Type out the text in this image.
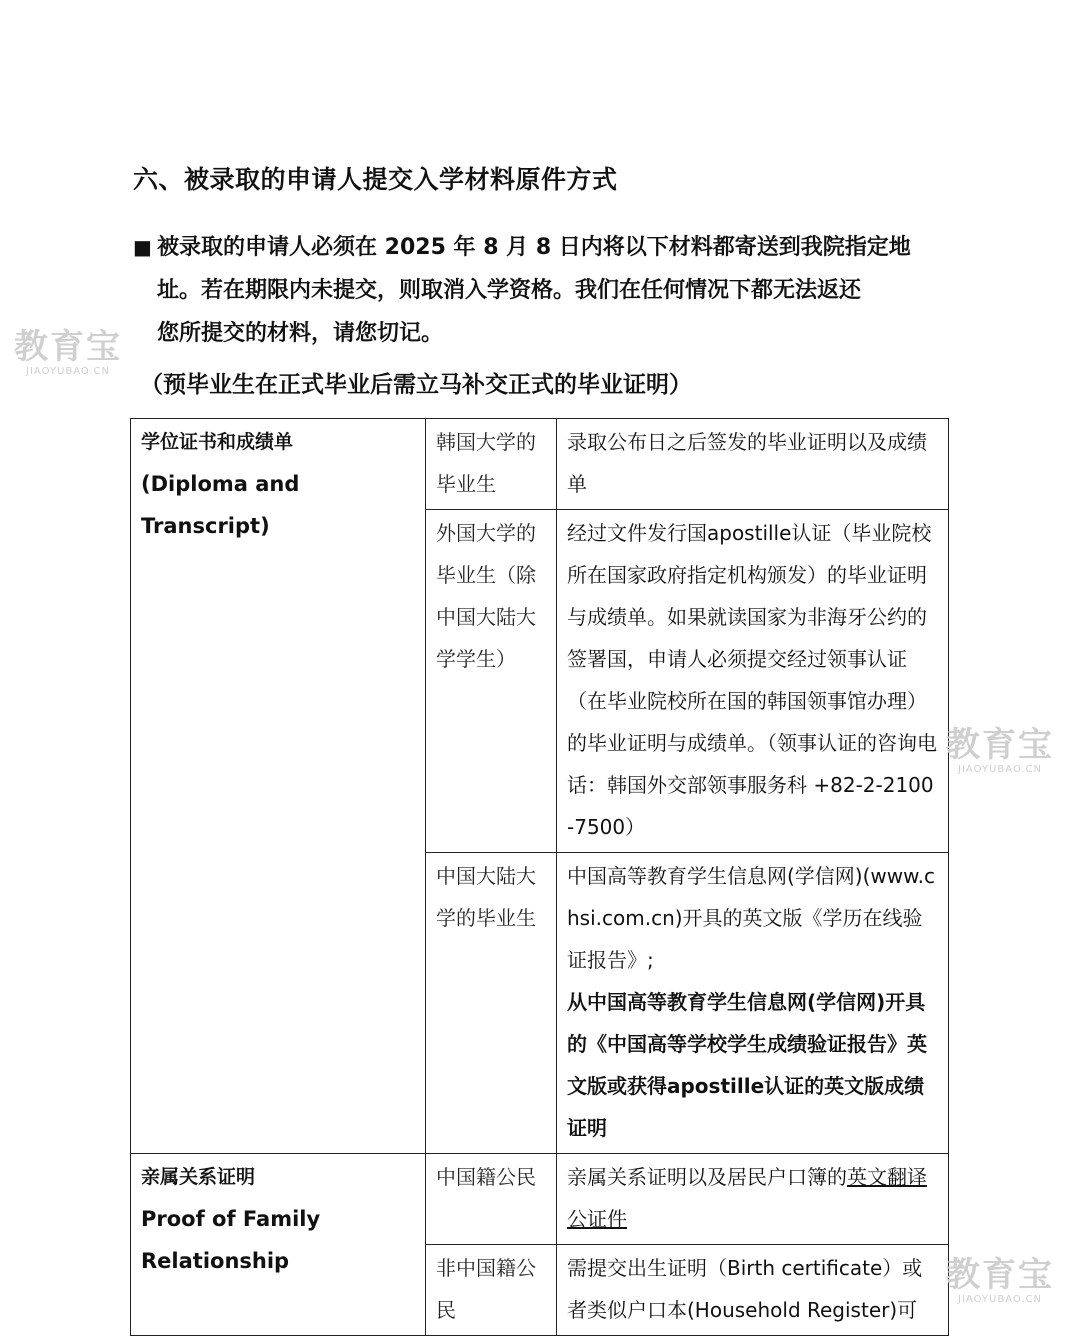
六、被录取的申请人提交入学材料原件方式
■ 被录取的申请人必须在 2025 年 8 月 8 日内将以下材料都寄送到我院指定地
址。若在期限内未提交，则取消入学资格。我们在任何情况下都无法返还
您所提交的材料，请您切记。
（预毕业生在正式毕业后需立马补交正式的毕业证明）
学位证书和成绩单
(Diploma and
Transcript)	韩国大学的毕业生	录取公布日之后签发的毕业证明以及成绩单

	外国大学的毕业生（除中国大陆大学学生）	经过文件发行国apostille认证（毕业院校所在国家政府指定机构颁发）的毕业证明与成绩单。如果就读国家为非海牙公约的签署国，申请人必须提交经过领事认证（在毕业院校所在国的韩国领事馆办理）的毕业证明与成绩单。（领事认证的咨询电话：韩国外交部领事服务科 +82-2-2100-7500）

	中国大陆大学的毕业生	中国高等教育学生信息网(学信网)(www.chsi.com.cn)开具的英文版《学历在线验证报告》;
从中国高等教育学生信息网(学信网)开具的《中国高等学校学生成绩验证报告》英文版或获得apostille认证的英文版成绩证明

亲属关系证明
Proof of Family
Relationship	中国籍公民	亲属关系证明以及居民户口簿的英文翻译公证件
	非中国籍公民	需提交出生证明（Birth certificate）或者类似户口本(Household Register)可
教育宝
JIAOYUBAO.CN
教育宝
JIAOYUBAO.CN
教育宝
JIAOYUBAO.CN
